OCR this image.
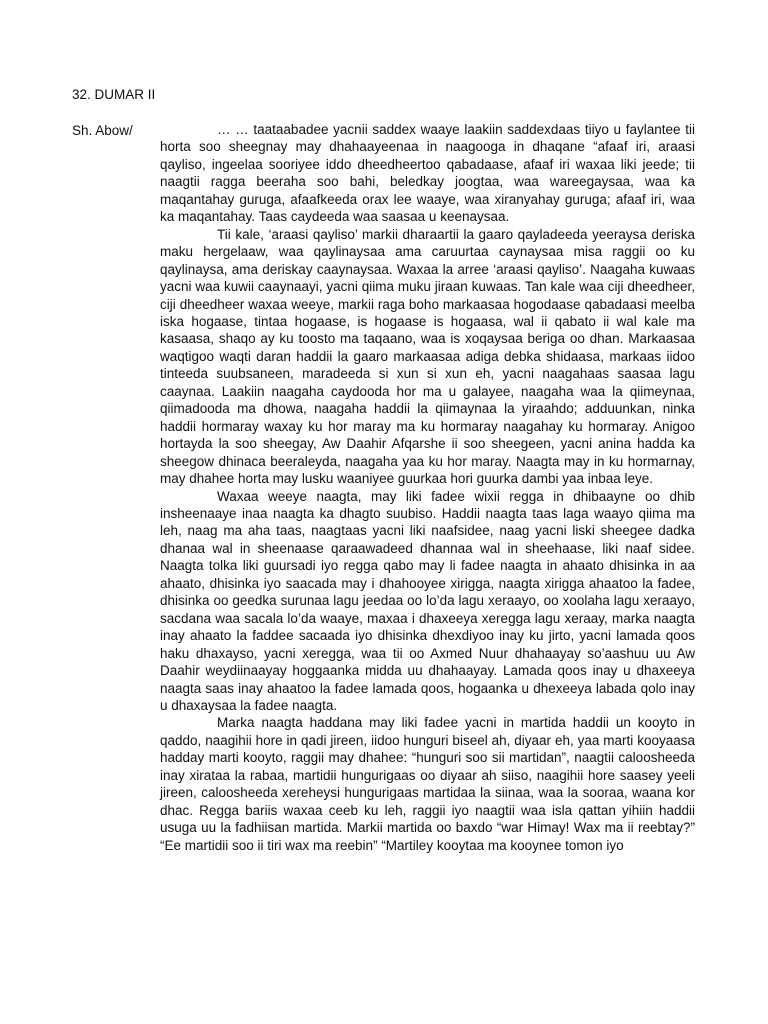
32. DUMAR II
Sh. Abow/	… … taataabadee yacnii saddex waaye laakiin saddexdaas tiiyo u faylantee tii horta soo sheegnay may dhahaayeenaa in naagooga in dhaqane “afaaf iri, araasi qayliso, ingeelaa sooriyee iddo dheedheertoo qabadaase, afaaf iri waxaa liki jeede; tii naagtii ragga beeraha soo bahi, beledkay joogtaa, waa wareegaysaa, waa ka maqantahay guruga, afaafkeeda orax lee waaye, waa xiranyahay guruga; afaaf iri, waa ka maqantahay. Taas caydeeda waa saasaa u keenaysaa.

Tii kale, ‘araasi qayliso’ markii dharaartii la gaaro qayladeeda yeeraysa deriska maku hergelaaw, waa qaylinaysaa ama caruurtaa caynaysaa misa raggii oo ku qaylinaysa, ama deriskay caaynaysaa. Waxaa la arree ‘araasi qayliso’. Naagaha kuwaas yacni waa kuwii caaynaayi, yacni qiima muku jiraan kuwaas. Tan kale waa ciji dheedheer, ciji dheedheer waxaa weeye, markii raga boho markaasaa hogodaase qabadaasi meelba iska hogaase, tintaa hogaase, is hogaase is hogaasa, wal ii qabato ii wal kale ma kasaasa, shaqo ay ku toosto ma taqaano, waa is xoqaysaa beriga oo dhan. Markaasaa waqtigoo waqti daran haddii la gaaro markaasaa adiga debka shidaasa, markaas iidoo tinteeda suubsaneen, maradeeda si xun si xun eh, yacni naagahaas saasaa lagu caaynaa. Laakiin naagaha caydooda hor ma u galayee, naagaha waa la qiimeynaa, qiimadooda ma dhowa, naagaha haddii la qiimaynaa la yiraahdo; adduunkan, ninka haddii hormaray waxay ku hor maray ma ku hormaray naagahay ku hormaray. Anigoo hortayda la soo sheegay, Aw Daahir Afqarshe ii soo sheegeen, yacni anina hadda ka sheegow dhinaca beeraleyda, naagaha yaa ku hor maray. Naagta may in ku hormarnay, may dhahee horta may lusku waaniyee guurkaa hori guurka dambi yaa inbaa leye.

Waxaa weeye naagta, may liki fadee wixii regga in dhibaayne oo dhib insheenaaye inaa naagta ka dhagto suubiso. Haddii naagta taas laga waayo qiima ma leh, naag ma aha taas, naagtaas yacni liki naafsidee, naag yacni liski sheegee dadka dhanaa wal in sheenaase qaraawadeed dhannaa wal in sheehaase, liki naaf sidee. Naagta tolka liki guursadi iyo regga qabo may li fadee naagta in ahaato dhisinka in aa ahaato, dhisinka iyo saacada may i dhahooyee xirigga, naagta xirigga ahaatoo la fadee, dhisinka oo geedka surunaa lagu jeedaa oo lo’da lagu xeraayo, oo xoolaha lagu xeraayo, sacdana waa sacala lo’da waaye, maxaa i dhaxeeya xeregga lagu xeraay, marka naagta inay ahaato la faddee sacaada iyo dhisinka dhexdiyoo inay ku jirto, yacni lamada qoos haku dhaxayso, yacni xeregga, waa tii oo Axmed Nuur dhahaayay so’aashuu uu Aw Daahir weydiinaayay hoggaanka midda uu dhahaayay. Lamada qoos inay u dhaxeeya naagta saas inay ahaatoo la fadee lamada qoos, hogaanka u dhexeeya labada qolo inay u dhaxaysaa la fadee naagta.

Marka naagta haddana may liki fadee yacni in martida haddii un kooyto in qaddo, naagihii hore in qadi jireen, iidoo hunguri biseel ah, diyaar eh, yaa marti kooyaasa hadday marti kooyto, raggii may dhahee: “hunguri soo sii martidan”, naagtii caloosheeda inay xirataa la rabaa, martidii hungurigaas oo diyaar ah siiso, naagihii hore saasey yeeli jireen, caloosheeda xereheysi hungurigaas martidaa la siinaa, waa la sooraa, waana kor dhac. Regga bariis waxaa ceeb ku leh, raggii iyo naagtii waa isla qattan yihiin haddii usuga uu la fadhiisan martida. Markii martida oo baxdo “war Himay! Wax ma ii reebtay?” “Ee martidii soo ii tiri wax ma reebin” “Martiley kooytaa ma kooynee tomon iyo
